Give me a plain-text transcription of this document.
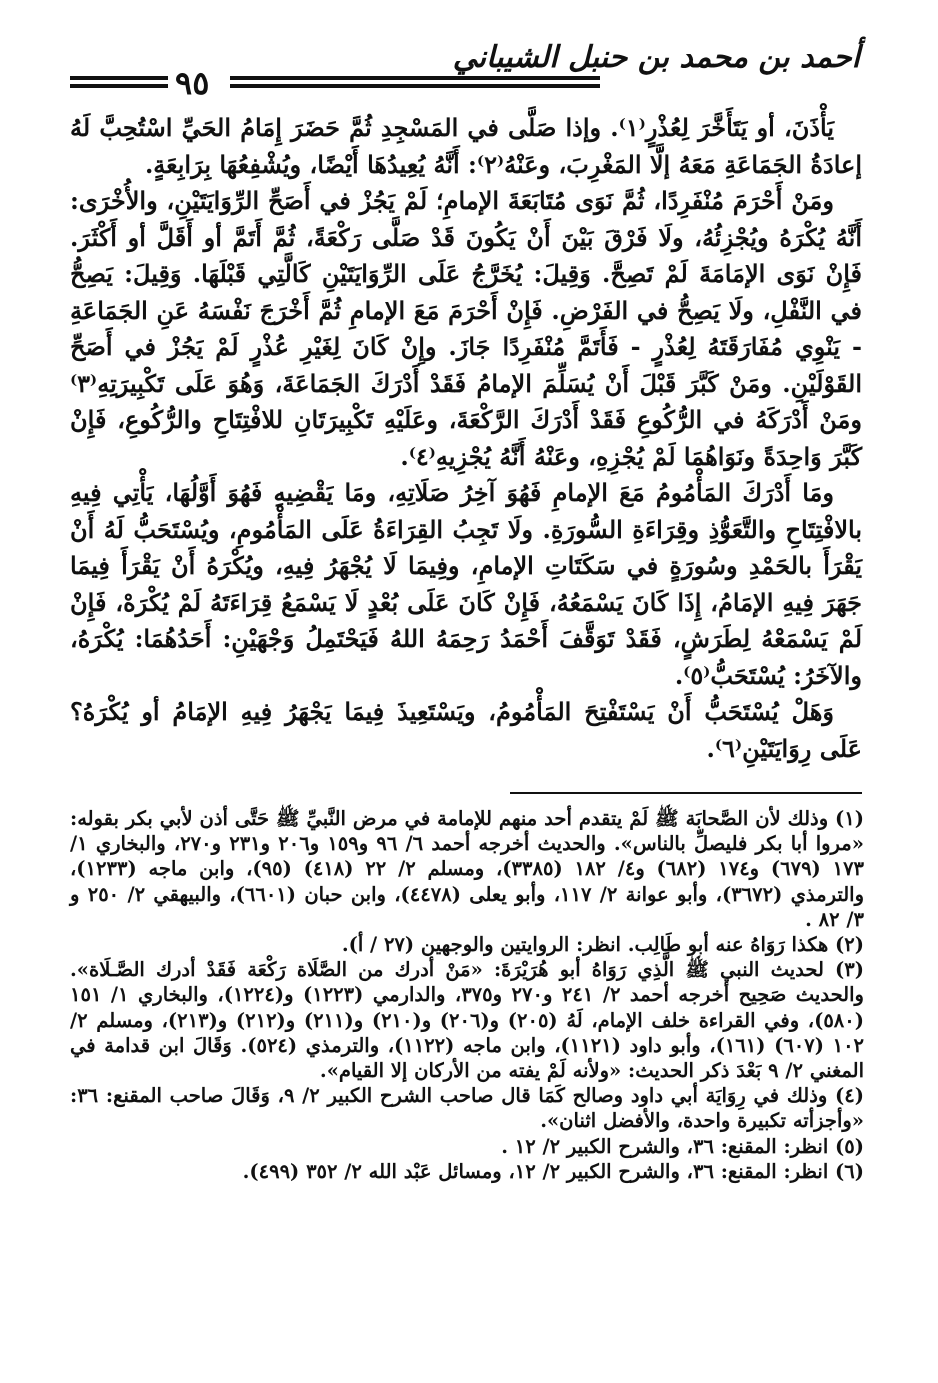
أحمد بن محمد بن حنبل الشيباني
٩٥

يَأْذَنَ، أو يَتَأَخَّرَ لِعُذْرٍ⁽١⁾. وإذا صَلَّى في المَسْجِدِ ثُمَّ حَضَرَ إِمَامُ الحَيِّ اسْتُحِبَّ لَهُ إعادَةُ الجَمَاعَةِ مَعَهُ إلَّا المَغْرِبَ، وعَنْهُ⁽٢⁾: أَنَّهُ يُعِيدُهَا أَيْضًا، ويُشْفِعُهَا بِرَابِعَةٍ.

ومَنْ أَحْرَمَ مُنْفَرِدًا، ثُمَّ نَوَى مُتَابَعَةَ الإمامِ؛ لَمْ يَجُزْ في أَصَحِّ الرِّوَايَتَيْنِ، والأُخْرَى: أَنَّهُ يُكْرَهُ ويُجْزِئُهُ، ولَا فَرْقَ بَيْنَ أَنْ يَكُونَ قَدْ صَلَّى رَكْعَةً، ثُمَّ أَتَمَّ أو أَقَلَّ أو أَكْثَرَ. فَإِنْ نَوَى الإمَامَةَ لَمْ تَصِحَّ. وَقِيلَ: يُخَرَّجُ عَلَى الرِّوَايَتَيْنِ كَالَّتِي قَبْلَهَا. وَقِيلَ: يَصِحُّ في النَّفْلِ، ولَا يَصِحُّ في الفَرْضِ. فَإِنْ أَحْرَمَ مَعَ الإمامِ ثُمَّ أَخْرَجَ نَفْسَهُ عَنِ الجَمَاعَةِ - يَنْوِي مُفَارَقَتَهُ لِعُذْرٍ - فَأَتَمَّ مُنْفَرِدًا جَازَ. وإِنْ كَانَ لِغَيْرِ عُذْرٍ لَمْ يَجُزْ في أَصَحِّ القَوْلَيْنِ. ومَنْ كَبَّرَ قَبْلَ أَنْ يُسَلِّمَ الإمامُ فَقَدْ أَدْرَكَ الجَمَاعَةَ، وَهُوَ عَلَى تَكْبِيرَتِهِ⁽٣⁾ ومَنْ أَدْرَكَهُ في الرُّكُوعِ فَقَدْ أَدْرَكَ الرَّكْعَةَ، وعَلَيْهِ تَكْبِيرَتَانِ للافْتِتَاحِ والرُّكُوعِ، فَإِنْ كَبَّرَ وَاحِدَةً ونَوَاهُمَا لَمْ يُجْزِهِ، وعَنْهُ أَنَّهُ يُجْزِيهِ⁽٤⁾.

ومَا أَدْرَكَ المَأْمُومُ مَعَ الإمامِ فَهُوَ آخِرُ صَلَاتِهِ، ومَا يَقْضِيهِ فَهُوَ أَوَّلُهَا، يَأْتِي فِيهِ بالافْتِتَاحِ والتَّعَوُّذِ وقِرَاءَةِ السُّورَةِ. ولَا تَجِبُ القِرَاءَةُ عَلَى المَأْمُومِ، ويُسْتَحَبُّ لَهُ أَنْ يَقْرَأَ بالحَمْدِ وسُورَةٍ في سَكَتَاتِ الإمامِ، وفِيمَا لَا يُجْهَرُ فِيهِ، ويُكْرَهُ أَنْ يَقْرَأَ فِيمَا جَهَرَ فِيهِ الإمَامُ، إِذَا كَانَ يَسْمَعُهُ، فَإِنْ كَانَ عَلَى بُعْدٍ لَا يَسْمَعُ قِرَاءَتَهُ لَمْ يُكْرَهْ، فَإِنْ لَمْ يَسْمَعْهُ لِطَرَشٍ، فَقَدْ تَوَقَّفَ أَحْمَدُ رَحِمَهُ اللهُ فَيَحْتَمِلُ وَجْهَيْنِ: أَحَدُهُمَا: يُكْرَهُ، والآخَرُ: يُسْتَحَبُّ⁽٥⁾.

وَهَلْ يُسْتَحَبُّ أَنْ يَسْتَفْتِحَ المَأْمُومُ، ويَسْتَعِيذَ فِيمَا يَجْهَرُ فِيهِ الإمَامُ أو يُكْرَهُ؟ عَلَى رِوَايَتَيْنِ⁽٦⁾.

(١) وذلك لأن الصَّحابَة ﷺ لَمْ يتقدم أحد منهم للإمامة في مرض النَّبيِّ ﷺ حَتَّى أذن لأبي بكر بقوله: «مروا أبا بكر فليصلِّ بالناس». والحديث أخرجه أحمد ٦/ ٩٦ و١٥٩ و٢٠٦ و٢٣١ و٢٧٠، والبخاري ١/ ١٧٣ (٦٧٩) و١٧٤ (٦٨٢) و٤/ ١٨٢ (٣٣٨٥)، ومسلم ٢/ ٢٢ (٤١٨) (٩٥)، وابن ماجه (١٢٣٣)، والترمذي (٣٦٧٢)، وأبو عوانة ٢/ ١١٧، وأبو يعلى (٤٤٧٨)، وابن حبان (٦٦٠١)، والبيهقي ٢/ ٢٥٠ و ٣/ ٨٢ .

(٢) هكذا رَوَاهُ عنه أبو طَالِب. انظر: الروايتين والوجهين (٢٧ / أ).

(٣) لحديث النبي ﷺ الَّذِي رَوَاهُ أبو هُرَيْرَةَ: «مَنْ أدرك من الصَّلَاة رَكْعَة فَقَدْ أدرك الصَّـلَاة». والحديث صَحِيح أخرجه أحمد ٢/ ٢٤١ و٢٧٠ و٣٧٥، والدارمي (١٢٢٣) و(١٢٢٤)، والبخاري ١/ ١٥١ (٥٨٠)، وفي القراءة خلف الإمام، لَهُ (٢٠٥) و(٢٠٦) و(٢١٠) و(٢١١) و(٢١٢) و(٢١٣)، ومسلم ٢/ ١٠٢ (٦٠٧) (١٦١)، وأبو داود (١١٢١)، وابن ماجه (١١٢٢)، والترمذي (٥٢٤). وَقَالَ ابن قدامة في المغني ٢/ ٩ بَعْدَ ذكر الحديث: «ولأنه لَمْ يفته من الأركان إلا القيام».

(٤) وذلك في رِوَايَة أبي داود وصالح كَمَا قال صاحب الشرح الكبير ٢/ ٩، وَقَالَ صاحب المقنع: ٣٦: «وأجزأته تكبيرة واحدة، والأفضل اثنان».

(٥) انظر: المقنع: ٣٦، والشرح الكبير ٢/ ١٢ .

(٦) انظر: المقنع: ٣٦، والشرح الكبير ٢/ ١٢، ومسائل عَبْد الله ٢/ ٣٥٢ (٤٩٩).
